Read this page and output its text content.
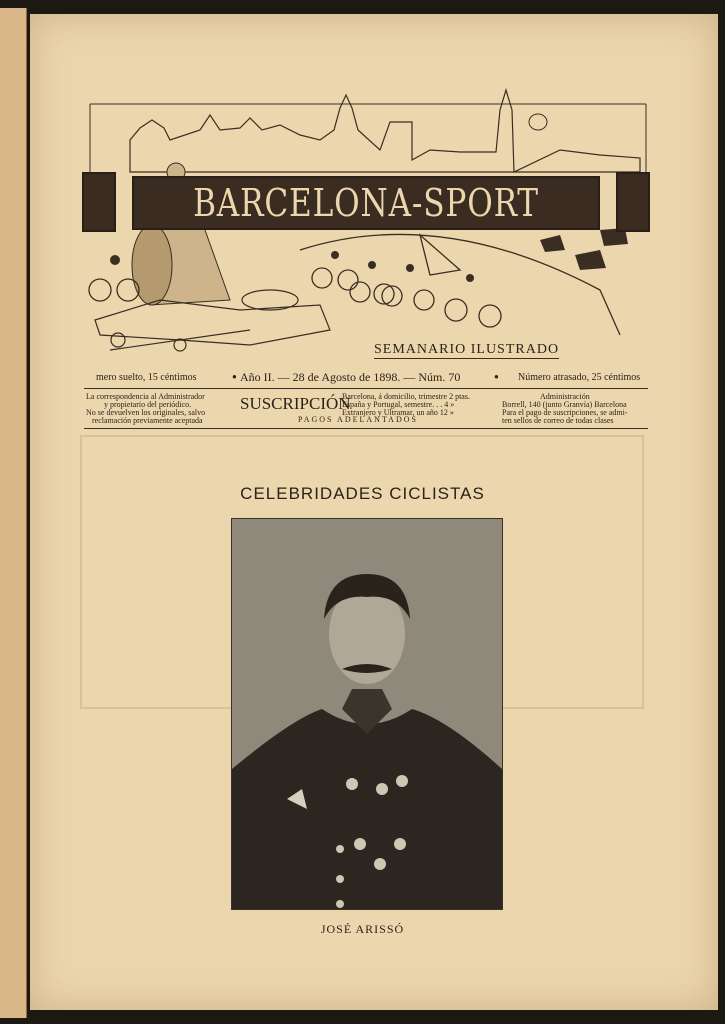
BARCELONA-SPORT
SEMANARIO ILUSTRADO
mero suelto, 15 céntimos	● Año II. — 28 de Agosto de 1898. — Núm. 70	● Número atrasado, 25 céntimos
La correspondencia al Administrador
y propietario del periódico.
No se devuelven los originales, salvo
reclamación previamente aceptada
SUSCRIPCIÓN
Barcelona, á domicilio, trimestre 2 ptas.
España y Portugal, semestre. . . 4 »
Extranjero y Ultramar, un año 12 »
PAGOS ADELANTADOS
Administración
Borrell, 140 (junto Granvía) Barcelona
Para el pago de suscripciones, se admi-
ten sellos de correo de todas clases
CELEBRIDADES CICLISTAS
JOSÉ ARISSÓ
